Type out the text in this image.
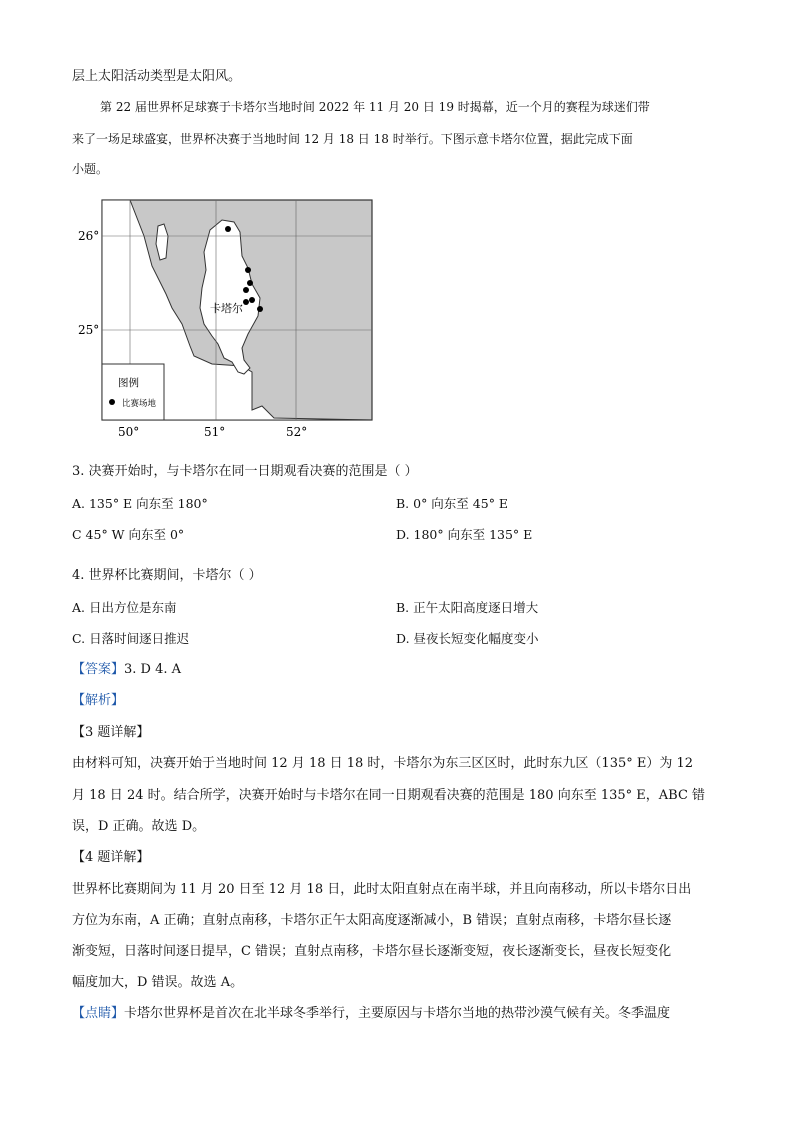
层上太阳活动类型是太阳风。
第 22 届世界杯足球赛于卡塔尔当地时间 2022 年 11 月 20 日 19 时揭幕，近一个月的赛程为球迷们带
来了一场足球盛宴，世界杯决赛于当地时间 12 月 18 日 18 时举行。下图示意卡塔尔位置，据此完成下面
小题。
26°
25°
50°	51°	52°
卡塔尔
图例
比赛场地
3. 决赛开始时，与卡塔尔在同一日期观看决赛的范围是（ ）
A. 135° E 向东至 180°	B. 0° 向东至 45° E
C 45° W 向东至 0°	D. 180° 向东至 135° E
4. 世界杯比赛期间，卡塔尔（ ）
A. 日出方位是东南	B. 正午太阳高度逐日增大
C. 日落时间逐日推迟	D. 昼夜长短变化幅度变小
【答案】3. D 4. A
【解析】
【3 题详解】
由材料可知，决赛开始于当地时间 12 月 18 日 18 时，卡塔尔为东三区区时，此时东九区（135° E）为 12
月 18 日 24 时。结合所学，决赛开始时与卡塔尔在同一日期观看决赛的范围是 180 向东至 135° E，ABC 错
误，D 正确。故选 D。
【4 题详解】
世界杯比赛期间为 11 月 20 日至 12 月 18 日，此时太阳直射点在南半球，并且向南移动，所以卡塔尔日出
方位为东南，A 正确；直射点南移，卡塔尔正午太阳高度逐渐减小，B 错误；直射点南移，卡塔尔昼长逐
渐变短，日落时间逐日提早，C 错误；直射点南移，卡塔尔昼长逐渐变短，夜长逐渐变长，昼夜长短变化
幅度加大，D 错误。故选 A。
【点睛】卡塔尔世界杯是首次在北半球冬季举行，主要原因与卡塔尔当地的热带沙漠气候有关。冬季温度
